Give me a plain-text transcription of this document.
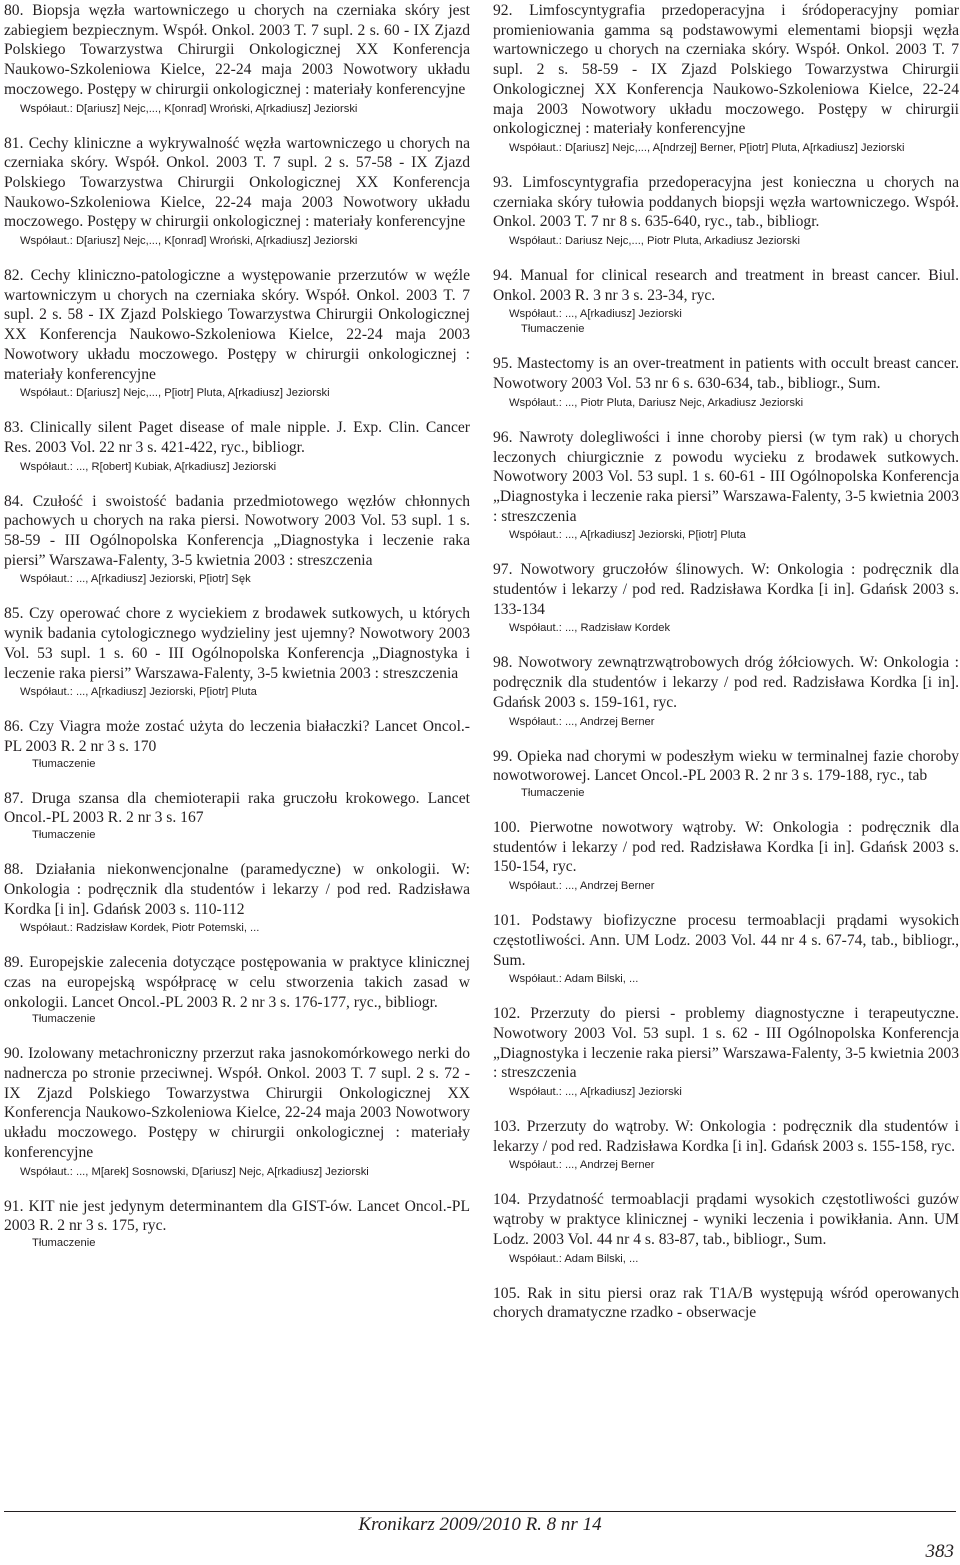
80. Biopsja węzła wartowniczego u chorych na czerniaka skóry jest zabiegiem bezpiecznym. Współ. Onkol. 2003 T. 7 supl. 2 s. 60 - IX Zjazd Polskiego Towarzystwa Chirurgii Onkologicznej XX Konferencja Naukowo-Szkoleniowa Kielce, 22-24 maja 2003 Nowotwory układu moczowego. Postępy w chirurgii onkologicznej : materiały konferencyjne

Współaut.: D[ariusz] Nejc,..., K[onrad] Wroński, A[rkadiusz] Jeziorski

81. Cechy kliniczne a wykrywalność węzła wartowniczego u chorych na czerniaka skóry. Współ. Onkol. 2003 T. 7 supl. 2 s. 57-58 - IX Zjazd Polskiego Towarzystwa Chirurgii Onkologicznej XX Konferencja Naukowo-Szkoleniowa Kielce, 22-24 maja 2003 Nowotwory układu moczowego. Postępy w chirurgii onkologicznej : materiały konferencyjne

Współaut.: D[ariusz] Nejc,..., K[onrad] Wroński, A[rkadiusz] Jeziorski

82. Cechy kliniczno-patologiczne a występowanie przerzutów w węźle wartowniczym u chorych na czerniaka skóry. Współ. Onkol. 2003 T. 7 supl. 2 s. 58 - IX Zjazd Polskiego Towarzystwa Chirurgii Onkologicznej XX Konferencja Naukowo-Szkoleniowa Kielce, 22-24 maja 2003 Nowotwory układu moczowego. Postępy w chirurgii onkologicznej : materiały konferencyjne

Współaut.: D[ariusz] Nejc,..., P[iotr] Pluta, A[rkadiusz] Jeziorski

83. Clinically silent Paget disease of male nipple. J. Exp. Clin. Cancer Res. 2003 Vol. 22 nr 3 s. 421-422, ryc., bibliogr.

Współaut.: ..., R[obert] Kubiak, A[rkadiusz] Jeziorski

84. Czułość i swoistość badania przedmiotowego węzłów chłonnych pachowych u chorych na raka piersi. Nowotwory 2003 Vol. 53 supl. 1 s. 58-59 - III Ogólnopolska Konferencja „Diagnostyka i leczenie raka piersi” Warszawa-Falenty, 3-5 kwietnia 2003 : streszczenia

Współaut.: ..., A[rkadiusz] Jeziorski, P[iotr] Sęk

85. Czy operować chore z wyciekiem z brodawek sutkowych, u których wynik badania cytologicznego wydzieliny jest ujemny? Nowotwory 2003 Vol. 53 supl. 1 s. 60 - III Ogólnopolska Konferencja „Diagnostyka i leczenie raka piersi” Warszawa-Falenty, 3-5 kwietnia 2003 : streszczenia

Współaut.: ..., A[rkadiusz] Jeziorski, P[iotr] Pluta

86. Czy Viagra może zostać użyta do leczenia białaczki? Lancet Oncol.-PL 2003 R. 2 nr 3 s. 170

Tłumaczenie

87. Druga szansa dla chemioterapii raka gruczołu krokowego. Lancet Oncol.-PL 2003 R. 2 nr 3 s. 167

Tłumaczenie

88. Działania niekonwencjonalne (paramedyczne) w onkologii. W: Onkologia : podręcznik dla studentów i lekarzy / pod red. Radzisława Kordka [i in]. Gdańsk 2003 s. 110-112

Współaut.: Radzisław Kordek, Piotr Potemski, ...

89. Europejskie zalecenia dotyczące postępowania w praktyce klinicznej czas na europejską współpracę w celu stworzenia takich zasad w onkologii. Lancet Oncol.-PL 2003 R. 2 nr 3 s. 176-177, ryc., bibliogr.

Tłumaczenie

90. Izolowany metachroniczny przerzut raka jasnokomórkowego nerki do nadnercza po stronie przeciwnej. Współ. Onkol. 2003 T. 7 supl. 2 s. 72 - IX Zjazd Polskiego Towarzystwa Chirurgii Onkologicznej XX Konferencja Naukowo-Szkoleniowa Kielce, 22-24 maja 2003 Nowotwory układu moczowego. Postępy w chirurgii onkologicznej : materiały konferencyjne

Współaut.: ..., M[arek] Sosnowski, D[ariusz] Nejc, A[rkadiusz] Jeziorski

91. KIT nie jest jedynym determinantem dla GIST-ów. Lancet Oncol.-PL 2003 R. 2 nr 3 s. 175, ryc.

Tłumaczenie

92. Limfoscyntygrafia przedoperacyjna i śródoperacyjny pomiar promieniowania gamma są podstawowymi elementami biopsji węzła wartowniczego u chorych na czerniaka skóry. Współ. Onkol. 2003 T. 7 supl. 2 s. 58-59 - IX Zjazd Polskiego Towarzystwa Chirurgii Onkologicznej XX Konferencja Naukowo-Szkoleniowa Kielce, 22-24 maja 2003 Nowotwory układu moczowego. Postępy w chirurgii onkologicznej : materiały konferencyjne

Współaut.: D[ariusz] Nejc,..., A[ndrzej] Berner, P[iotr] Pluta, A[rkadiusz] Jeziorski

93. Limfoscyntygrafia przedoperacyjna jest konieczna u chorych na czerniaka skóry tułowia poddanych biopsji węzła wartowniczego. Współ. Onkol. 2003 T. 7 nr 8 s. 635-640, ryc., tab., bibliogr.

Współaut.: Dariusz Nejc,..., Piotr Pluta, Arkadiusz Jeziorski

94. Manual for clinical research and treatment in breast cancer. Biul. Onkol. 2003 R. 3 nr 3 s. 23-34, ryc.

Współaut.: ..., A[rkadiusz] Jeziorski
Tłumaczenie

95. Mastectomy is an over-treatment in patients with occult breast cancer. Nowotwory 2003 Vol. 53 nr 6 s. 630-634, tab., bibliogr., Sum.

Współaut.: ..., Piotr Pluta, Dariusz Nejc, Arkadiusz Jeziorski

96. Nawroty dolegliwości i inne choroby piersi (w tym rak) u chorych leczonych chiurgicznie z powodu wycieku z brodawek sutkowych. Nowotwory 2003 Vol. 53 supl. 1 s. 60-61 - III Ogólnopolska Konferencja „Diagnostyka i leczenie raka piersi” Warszawa-Falenty, 3-5 kwietnia 2003 : streszczenia

Współaut.: ..., A[rkadiusz] Jeziorski, P[iotr] Pluta

97. Nowotwory gruczołów ślinowych. W: Onkologia : podręcznik dla studentów i lekarzy / pod red. Radzisława Kordka [i in]. Gdańsk 2003 s. 133-134

Współaut.: ..., Radzisław Kordek

98. Nowotwory zewnątrzwątrobowych dróg żółciowych. W: Onkologia : podręcznik dla studentów i lekarzy / pod red. Radzisława Kordka [i in]. Gdańsk 2003 s. 159-161, ryc.

Współaut.: ..., Andrzej Berner

99. Opieka nad chorymi w podeszłym wieku w terminalnej fazie choroby nowotworowej. Lancet Oncol.-PL 2003 R. 2 nr 3 s. 179-188, ryc., tab

Tłumaczenie

100. Pierwotne nowotwory wątroby. W: Onkologia : podręcznik dla studentów i lekarzy / pod red. Radzisława Kordka [i in]. Gdańsk 2003 s. 150-154, ryc.

Współaut.: ..., Andrzej Berner

101. Podstawy biofizyczne procesu termoablacji prądami wysokich częstotliwości. Ann. UM Lodz. 2003 Vol. 44 nr 4 s. 67-74, tab., bibliogr., Sum.

Współaut.: Adam Bilski, ...

102. Przerzuty do piersi - problemy diagnostyczne i terapeutyczne. Nowotwory 2003 Vol. 53 supl. 1 s. 62 - III Ogólnopolska Konferencja „Diagnostyka i leczenie raka piersi” Warszawa-Falenty, 3-5 kwietnia 2003 : streszczenia

Współaut.: ..., A[rkadiusz] Jeziorski

103. Przerzuty do wątroby. W: Onkologia : podręcznik dla studentów i lekarzy / pod red. Radzisława Kordka [i in]. Gdańsk 2003 s. 155-158, ryc.

Współaut.: ..., Andrzej Berner

104. Przydatność termoablacji prądami wysokich częstotliwości guzów wątroby w praktyce klinicznej - wyniki leczenia i powikłania. Ann. UM Lodz. 2003 Vol. 44 nr 4 s. 83-87, tab., bibliogr., Sum.

Współaut.: Adam Bilski, ...

105. Rak in situ piersi oraz rak T1A/B występują wśród operowanych chorych dramatyczne rzadko - obserwacje

Kronikarz 2009/2010 R. 8 nr 14
383
